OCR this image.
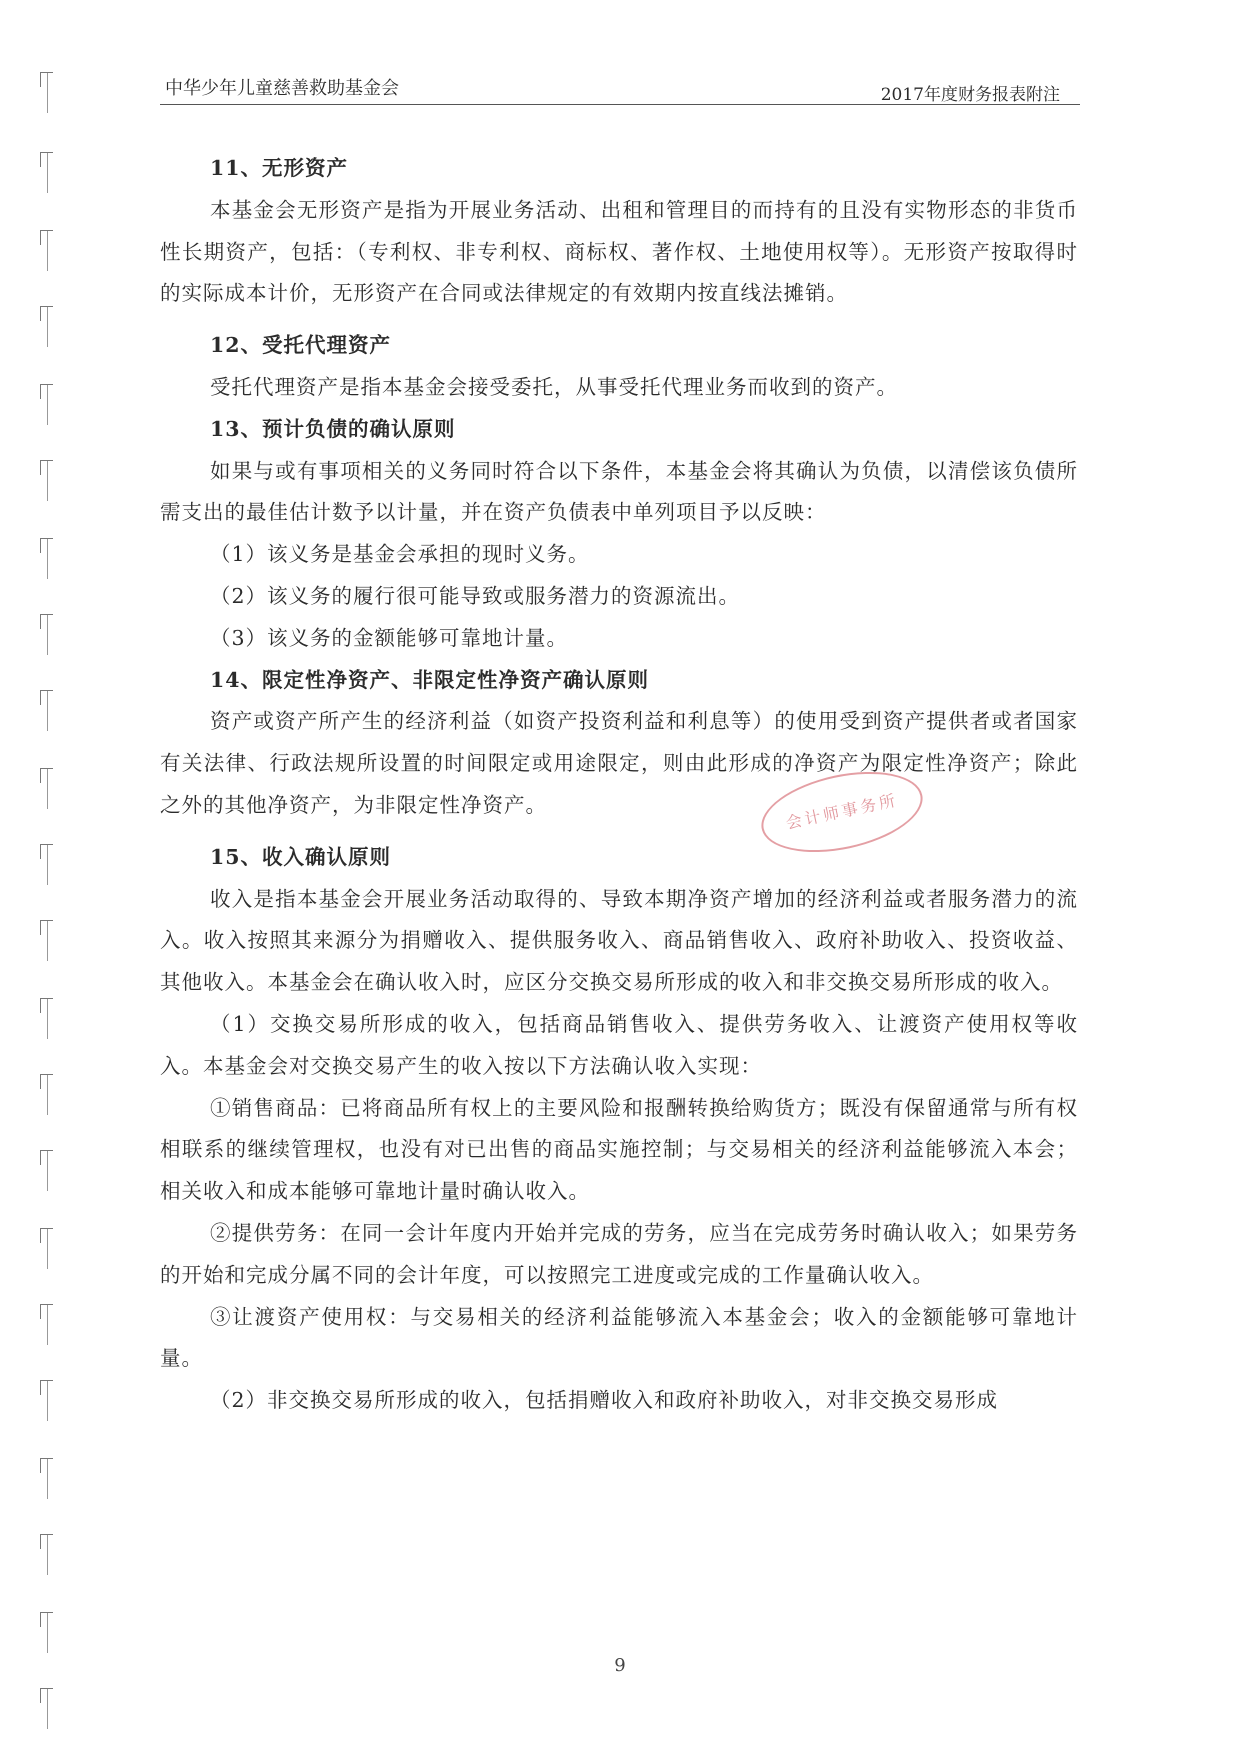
中华少年儿童慈善救助基金会	2017年度财务报表附注

11、无形资产

本基金会无形资产是指为开展业务活动、出租和管理目的而持有的且没有实物形态的非货币性长期资产，包括：（专利权、非专利权、商标权、著作权、土地使用权等）。无形资产按取得时的实际成本计价，无形资产在合同或法律规定的有效期内按直线法摊销。

12、受托代理资产

受托代理资产是指本基金会接受委托，从事受托代理业务而收到的资产。

13、预计负债的确认原则

如果与或有事项相关的义务同时符合以下条件，本基金会将其确认为负债，以清偿该负债所需支出的最佳估计数予以计量，并在资产负债表中单列项目予以反映：

（1）该义务是基金会承担的现时义务。

（2）该义务的履行很可能导致或服务潜力的资源流出。

（3）该义务的金额能够可靠地计量。

14、限定性净资产、非限定性净资产确认原则

资产或资产所产生的经济利益（如资产投资利益和利息等）的使用受到资产提供者或者国家有关法律、行政法规所设置的时间限定或用途限定，则由此形成的净资产为限定性净资产；除此之外的其他净资产，为非限定性净资产。

15、收入确认原则

收入是指本基金会开展业务活动取得的、导致本期净资产增加的经济利益或者服务潜力的流入。收入按照其来源分为捐赠收入、提供服务收入、商品销售收入、政府补助收入、投资收益、其他收入。本基金会在确认收入时，应区分交换交易所形成的收入和非交换交易所形成的收入。

（1）交换交易所形成的收入，包括商品销售收入、提供劳务收入、让渡资产使用权等收入。本基金会对交换交易产生的收入按以下方法确认收入实现：

①销售商品：已将商品所有权上的主要风险和报酬转换给购货方；既没有保留通常与所有权相联系的继续管理权，也没有对已出售的商品实施控制；与交易相关的经济利益能够流入本会；相关收入和成本能够可靠地计量时确认收入。

②提供劳务：在同一会计年度内开始并完成的劳务，应当在完成劳务时确认收入；如果劳务的开始和完成分属不同的会计年度，可以按照完工进度或完成的工作量确认收入。

③让渡资产使用权：与交易相关的经济利益能够流入本基金会；收入的金额能够可靠地计量。

（2）非交换交易所形成的收入，包括捐赠收入和政府补助收入，对非交换交易形成

会计师事务所
9
